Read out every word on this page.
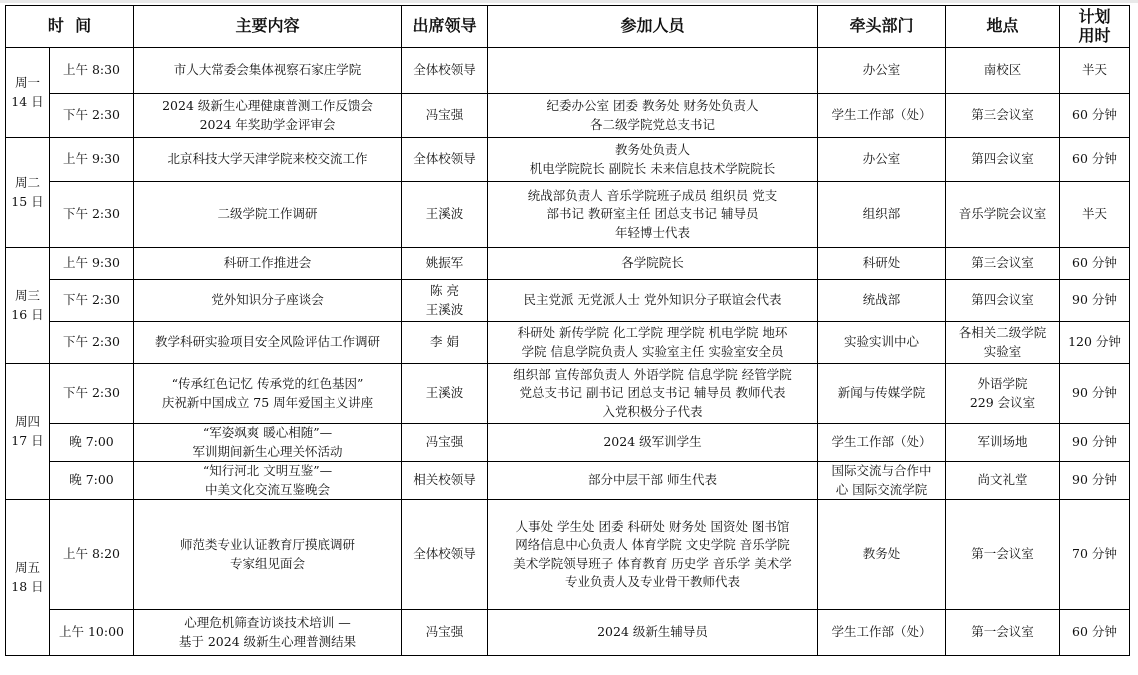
时  间		主要内容	出席领导	参加人员	牵头部门	地点	计划
用时

周一
14 日	上午 8:30	市人大常委会集体视察石家庄学院	全体校领导		办公室	南校区	半天
	下午 2:30	2024 级新生心理健康普测工作反馈会
2024 年奖助学金评审会	冯宝强	纪委办公室 团委 教务处 财务处负责人
各二级学院党总支书记	学生工作部（处）	第三会议室	60 分钟

周二
15 日	上午 9:30	北京科技大学天津学院来校交流工作	全体校领导	教务处负责人
机电学院院长 副院长 未来信息技术学院院长	办公室	第四会议室	60 分钟
	下午 2:30	二级学院工作调研	王溪波	统战部负责人 音乐学院班子成员 组织员 党支
部书记 教研室主任 团总支书记 辅导员
年轻博士代表	组织部	音乐学院会议室	半天

周三
16 日	上午 9:30	科研工作推进会	姚振军	各学院院长	科研处	第三会议室	60 分钟
	下午 2:30	党外知识分子座谈会	陈 亮
王溪波	民主党派 无党派人士 党外知识分子联谊会代表	统战部	第四会议室	90 分钟
	下午 2:30	教学科研实验项目安全风险评估工作调研	李 娟	科研处 新传学院 化工学院 理学院 机电学院 地环
学院 信息学院负责人 实验室主任 实验室安全员	实验实训中心	各相关二级学院
实验室	120 分钟

周四
17 日	下午 2:30	“传承红色记忆 传承党的红色基因”
庆祝新中国成立 75 周年爱国主义讲座	王溪波	组织部 宣传部负责人 外语学院 信息学院 经管学院
党总支书记 副书记 团总支书记 辅导员 教师代表
入党积极分子代表	新闻与传媒学院	外语学院
229 会议室	90 分钟
	晚 7:00	“军姿飒爽 暖心相随”—
军训期间新生心理关怀活动	冯宝强	2024 级军训学生	学生工作部（处）	军训场地	90 分钟
	晚 7:00	“知行河北 文明互鉴”—
中美文化交流互鉴晚会	相关校领导	部分中层干部 师生代表	国际交流与合作中
心 国际交流学院	尚文礼堂	90 分钟

周五
18 日	上午 8:20	师范类专业认证教育厅摸底调研
专家组见面会	全体校领导	人事处 学生处 团委 科研处 财务处 国资处 图书馆
网络信息中心负责人 体育学院 文史学院 音乐学院
美术学院领导班子 体育教育 历史学 音乐学 美术学
专业负责人及专业骨干教师代表	教务处	第一会议室	70 分钟
	上午 10:00	心理危机筛查访谈技术培训 —
基于 2024 级新生心理普测结果	冯宝强	2024 级新生辅导员	学生工作部（处）	第一会议室	60 分钟
